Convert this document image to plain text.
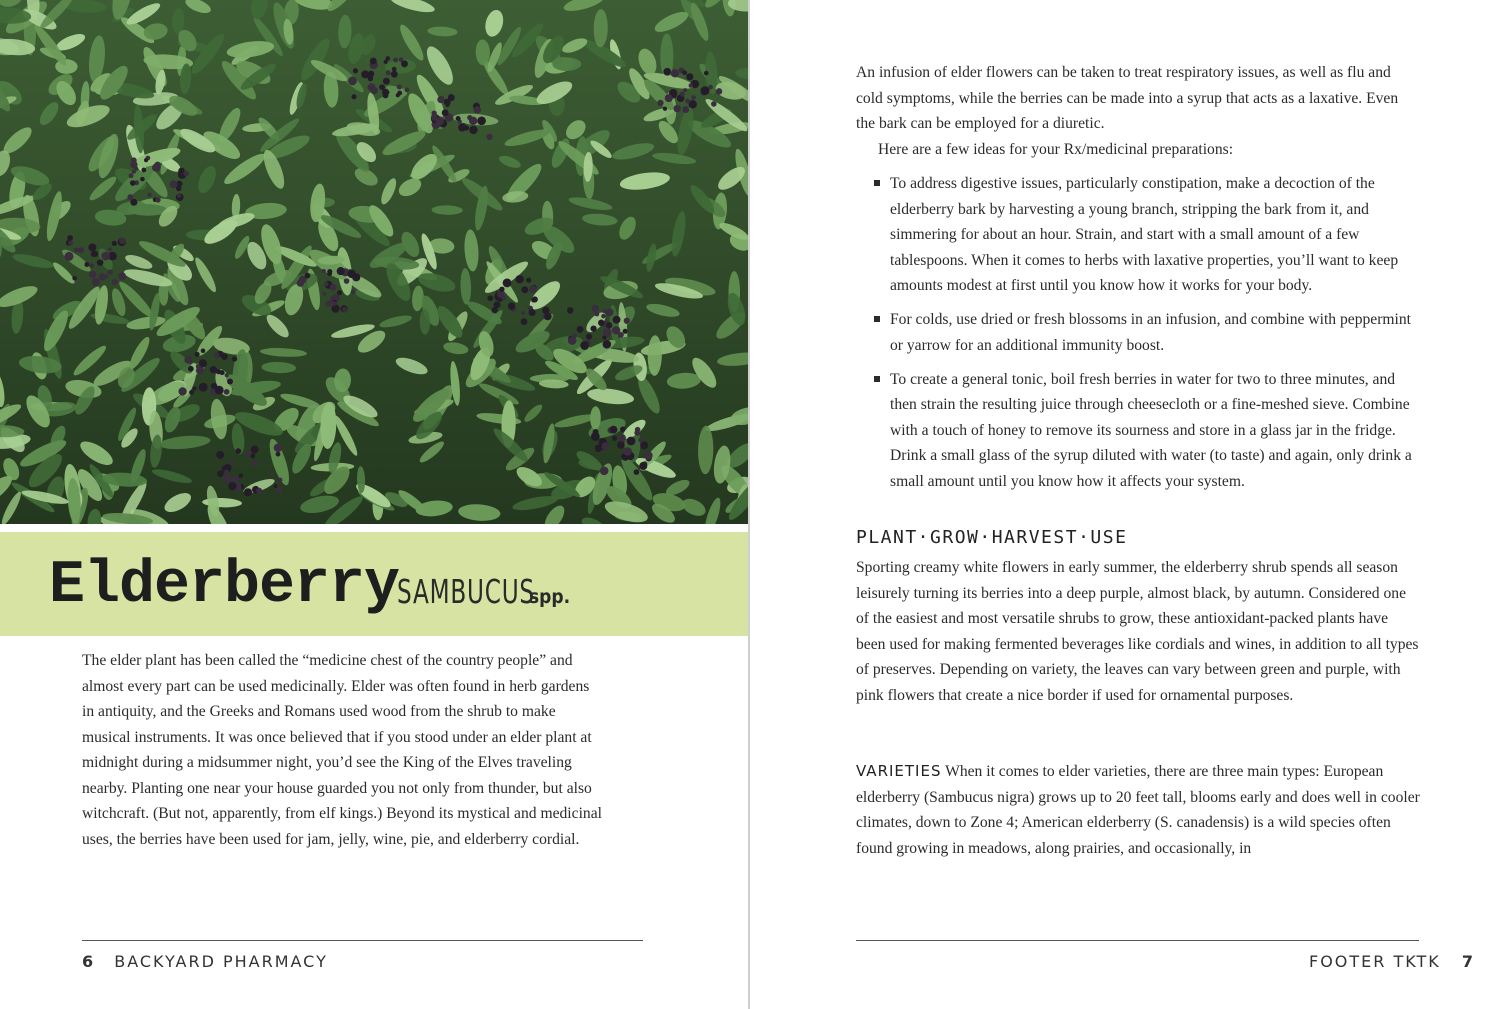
Elderberry
SAMBUCUS
spp.

The elder plant has been called the “medicine chest of the country people” and almost every part can be used medicinally. Elder was often found in herb gardens in antiquity, and the Greeks and Romans used wood from the shrub to make musical instruments. It was once believed that if you stood under an elder plant at midnight during a midsummer night, you’d see the King of the Elves traveling nearby. Planting one near your house guarded you not only from thunder, but also witchcraft. (But not, apparently, from elf kings.) Beyond its mystical and medicinal uses, the berries have been used for jam, jelly, wine, pie, and elderberry cordial.

6 BACKYARD PHARMACY

An infusion of elder flowers can be taken to treat respiratory issues, as well as flu and cold symptoms, while the berries can be made into a syrup that acts as a laxative. Even the bark can be employed for a diuretic.

Here are a few ideas for your Rx/medicinal preparations:

To address digestive issues, particularly constipation, make a decoction of the elderberry bark by harvesting a young branch, stripping the bark from it, and simmering for about an hour. Strain, and start with a small amount of a few tablespoons. When it comes to herbs with laxative properties, you’ll want to keep amounts modest at first until you know how it works for your body.
For colds, use dried or fresh blossoms in an infusion, and combine with peppermint or yarrow for an additional immunity boost.
To create a general tonic, boil fresh berries in water for two to three minutes, and then strain the resulting juice through cheesecloth or a fine-meshed sieve. Combine with a touch of honey to remove its sourness and store in a glass jar in the fridge. Drink a small glass of the syrup diluted with water (to taste) and again, only drink a small amount until you know how it affects your system.
PLANT·GROW·HARVEST·USE

Sporting creamy white flowers in early summer, the elderberry shrub spends all season leisurely turning its berries into a deep purple, almost black, by autumn. Considered one of the easiest and most versatile shrubs to grow, these antioxidant-packed plants have been used for making fermented beverages like cordials and wines, in addition to all types of preserves. Depending on variety, the leaves can vary between green and purple, with pink flowers that create a nice border if used for ornamental purposes.

VARIETIES When it comes to elder varieties, there are three main types: European elderberry (Sambucus nigra) grows up to 20 feet tall, blooms early and does well in cooler climates, down to Zone 4; American elderberry (S. canadensis) is a wild species often found growing in meadows, along prairies, and occasionally, in

FOOTER TKTK 7
